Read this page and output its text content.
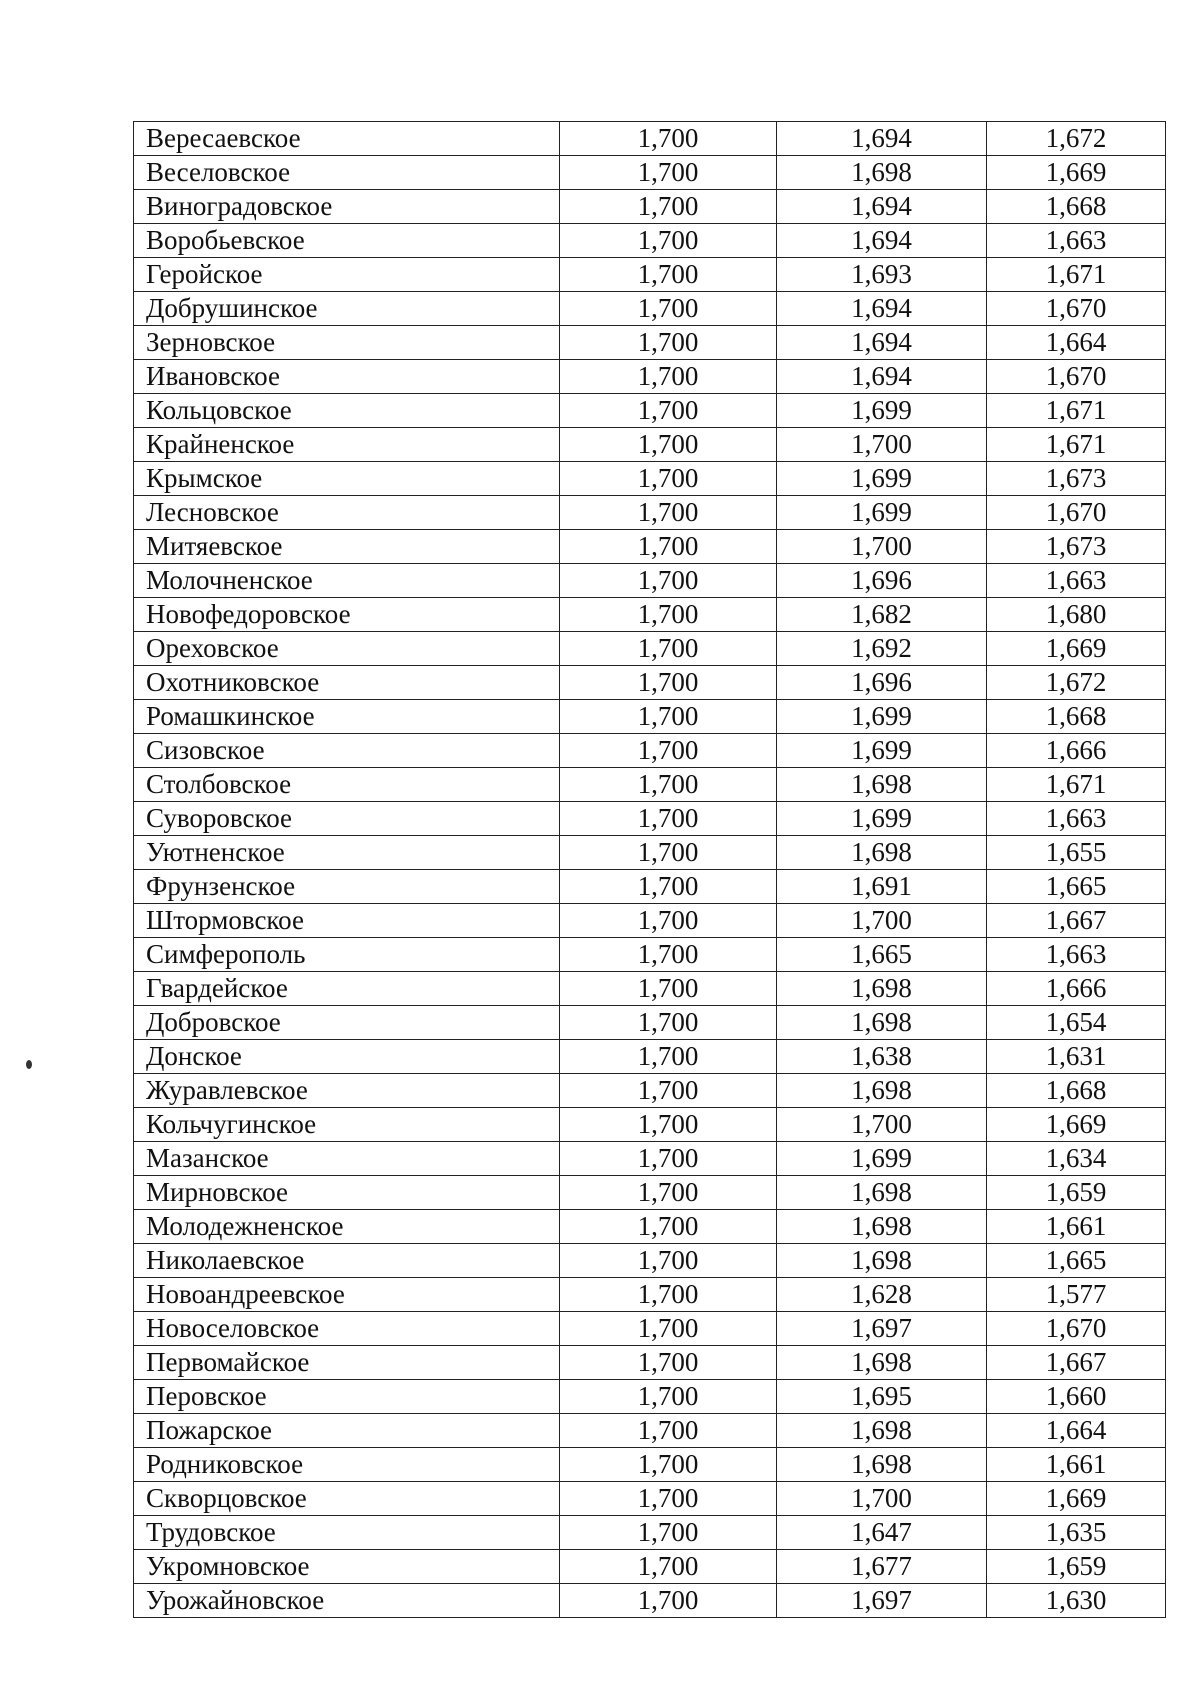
Вересаевское	1,700	1,694	1,672
Веселовское	1,700	1,698	1,669
Виноградовское	1,700	1,694	1,668
Воробьевское	1,700	1,694	1,663
Геройское	1,700	1,693	1,671
Добрушинское	1,700	1,694	1,670
Зерновское	1,700	1,694	1,664
Ивановское	1,700	1,694	1,670
Кольцовское	1,700	1,699	1,671
Крайненское	1,700	1,700	1,671
Крымское	1,700	1,699	1,673
Лесновское	1,700	1,699	1,670
Митяевское	1,700	1,700	1,673
Молочненское	1,700	1,696	1,663
Новофедоровское	1,700	1,682	1,680
Ореховское	1,700	1,692	1,669
Охотниковское	1,700	1,696	1,672
Ромашкинское	1,700	1,699	1,668
Сизовское	1,700	1,699	1,666
Столбовское	1,700	1,698	1,671
Суворовское	1,700	1,699	1,663
Уютненское	1,700	1,698	1,655
Фрунзенское	1,700	1,691	1,665
Штормовское	1,700	1,700	1,667
Симферополь	1,700	1,665	1,663
Гвардейское	1,700	1,698	1,666
Добровское	1,700	1,698	1,654
Донское	1,700	1,638	1,631
Журавлевское	1,700	1,698	1,668
Кольчугинское	1,700	1,700	1,669
Мазанское	1,700	1,699	1,634
Мирновское	1,700	1,698	1,659
Молодежненское	1,700	1,698	1,661
Николаевское	1,700	1,698	1,665
Новоандреевское	1,700	1,628	1,577
Новоселовское	1,700	1,697	1,670
Первомайское	1,700	1,698	1,667
Перовское	1,700	1,695	1,660
Пожарское	1,700	1,698	1,664
Родниковское	1,700	1,698	1,661
Скворцовское	1,700	1,700	1,669
Трудовское	1,700	1,647	1,635
Укромновское	1,700	1,677	1,659
Урожайновское	1,700	1,697	1,630
